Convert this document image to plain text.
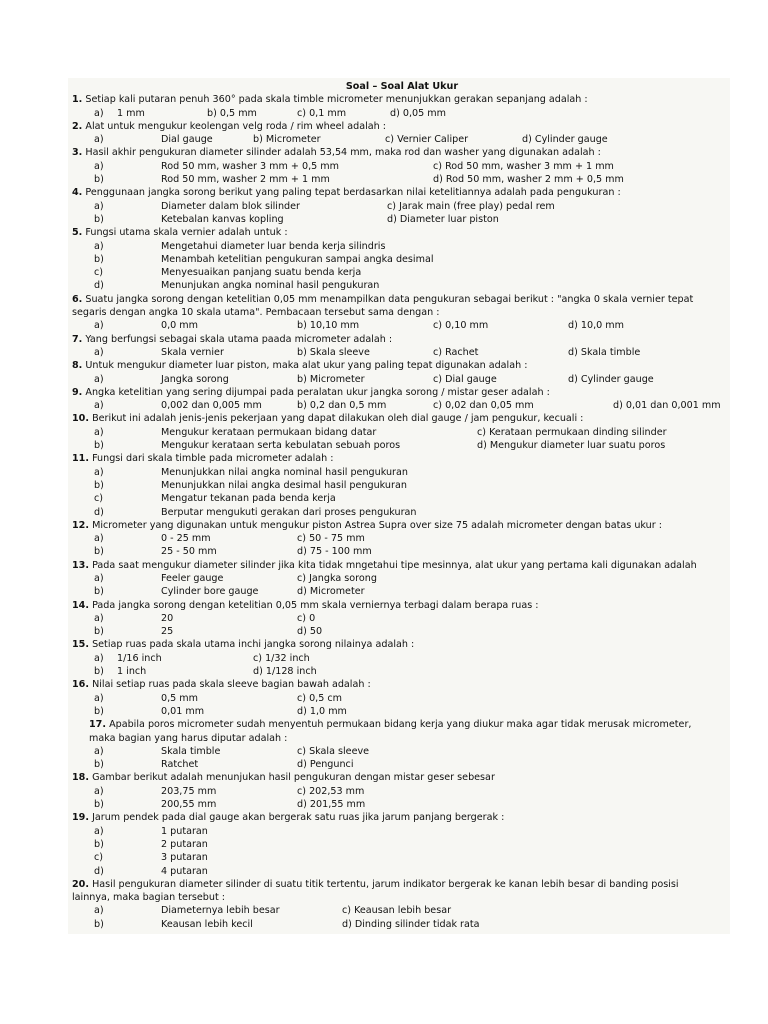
Soal – Soal Alat Ukur
1. Setiap kali putaran penuh 360° pada skala timble micrometer menunjukkan gerakan sepanjang adalah :
a) 1 mm	b) 0,5 mm	c) 0,1 mm	d) 0,05 mm
2. Alat untuk mengukur keolengan velg roda / rim wheel adalah :
a)	Dial gauge	b) Micrometer	c) Vernier Caliper	d) Cylinder gauge
3. Hasil akhir pengukuran diameter silinder adalah 53,54 mm, maka rod dan washer yang digunakan adalah :
a)	Rod 50 mm, washer 3 mm + 0,5 mm	c) Rod 50 mm, washer 3 mm + 1 mm
b)	Rod 50 mm, washer 2 mm + 1 mm	d) Rod 50 mm, washer 2 mm + 0,5 mm
4. Penggunaan jangka sorong berikut yang paling tepat berdasarkan nilai ketelitiannya adalah pada pengukuran :
a)	Diameter dalam blok silinder	c) Jarak main (free play) pedal rem
b)	Ketebalan kanvas kopling	d) Diameter luar piston
5. Fungsi utama skala vernier adalah untuk :
a)	Mengetahui diameter luar benda kerja silindris
b)	Menambah ketelitian pengukuran sampai angka desimal
c)	Menyesuaikan panjang suatu benda kerja
d)	Menunjukan angka nominal hasil pengukuran
6. Suatu jangka sorong dengan ketelitian 0,05 mm menampilkan data pengukuran sebagai berikut : "angka 0 skala vernier tepat
segaris dengan angka 10 skala utama". Pembacaan tersebut sama dengan :
a)	0,0 mm	b) 10,10 mm	c) 0,10 mm	d) 10,0 mm
7. Yang berfungsi sebagai skala utama paada micrometer adalah :
a)	Skala vernier	b) Skala sleeve	c) Rachet	d) Skala timble
8. Untuk mengukur diameter luar piston, maka alat ukur yang paling tepat digunakan adalah :
a)	Jangka sorong	b) Micrometer	c) Dial gauge	d) Cylinder gauge
9. Angka ketelitian yang sering dijumpai pada peralatan ukur jangka sorong / mistar geser adalah :
a)	0,002 dan 0,005 mm	b) 0,2 dan 0,5 mm	c) 0,02 dan 0,05 mm	d) 0,01 dan 0,001 mm
10. Berikut ini adalah jenis-jenis pekerjaan yang dapat dilakukan oleh dial gauge / jam pengukur, kecuali :
a)	Mengukur kerataan permukaan bidang datar	c) Kerataan permukaan dinding silinder
b)	Mengukur kerataan serta kebulatan sebuah poros	d) Mengukur diameter luar suatu poros
11. Fungsi dari skala timble pada micrometer adalah :
a)	Menunjukkan nilai angka nominal hasil pengukuran
b)	Menunjukkan nilai angka desimal hasil pengukuran
c)	Mengatur tekanan pada benda kerja
d)	Berputar mengukuti gerakan dari proses pengukuran
12. Micrometer yang digunakan untuk mengukur piston Astrea Supra over size 75 adalah micrometer dengan batas ukur :
a)	0 - 25 mm	c) 50 - 75 mm
b)	25 - 50 mm	d) 75 - 100 mm
13. Pada saat mengukur diameter silinder jika kita tidak mngetahui tipe mesinnya, alat ukur yang pertama kali digunakan adalah
a)	Feeler gauge	c) Jangka sorong
b)	Cylinder bore gauge	d) Micrometer
14. Pada jangka sorong dengan ketelitian 0,05 mm skala verniernya terbagi dalam berapa ruas :
a)	20	c) 0
b)	25	d) 50
15. Setiap ruas pada skala utama inchi jangka sorong nilainya adalah :
a) 1/16 inch	c) 1/32 inch
b) 1 inch	d) 1/128 inch
16. Nilai setiap ruas pada skala sleeve bagian bawah adalah :
a)	0,5 mm	c) 0,5 cm
b)	0,01 mm	d) 1,0 mm
17. Apabila poros micrometer sudah menyentuh permukaan bidang kerja yang diukur maka agar tidak merusak micrometer,
maka bagian yang harus diputar adalah :
a)	Skala timble	c) Skala sleeve
b)	Ratchet	d) Pengunci
18. Gambar berikut adalah menunjukan hasil pengukuran dengan mistar geser sebesar
a)	203,75 mm	c) 202,53 mm
b)	200,55 mm	d) 201,55 mm
19. Jarum pendek pada dial gauge akan bergerak satu ruas jika jarum panjang bergerak :
a)	1 putaran
b)	2 putaran
c)	3 putaran
d)	4 putaran
20. Hasil pengukuran diameter silinder di suatu titik tertentu, jarum indikator bergerak ke kanan lebih besar di banding posisi
lainnya, maka bagian tersebut :
a)	Diameternya lebih besar	c) Keausan lebih besar
b)	Keausan lebih kecil	d) Dinding silinder tidak rata
